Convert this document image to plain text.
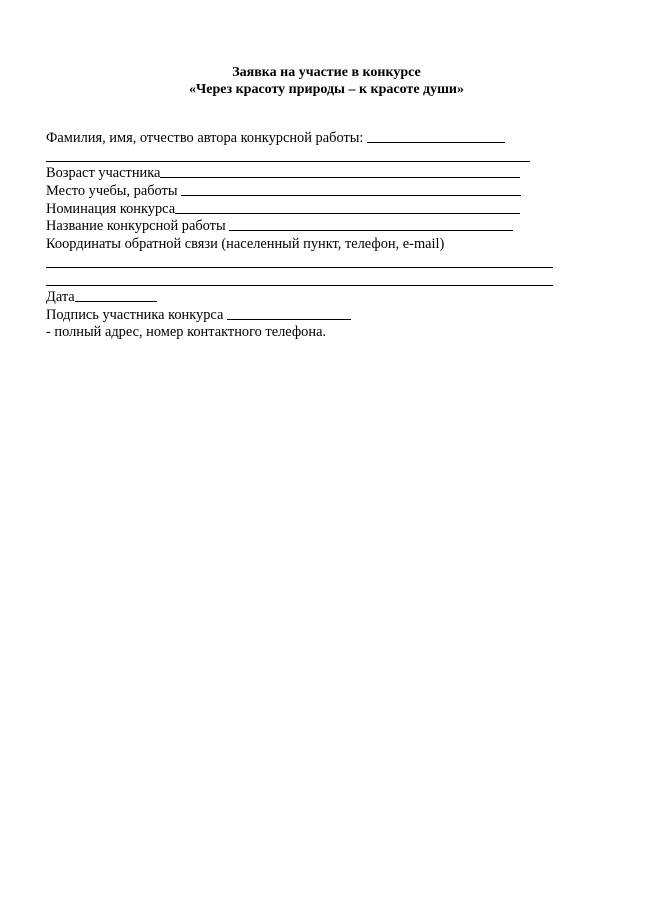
Заявка на участие в конкурсе
«Через красоту природы – к красоте души»
Фамилия, имя, отчество автора конкурсной работы:
Возраст участника
Место учебы, работы
Номинация конкурса
Название конкурсной работы
Координаты обратной связи (населенный пункт, телефон, e-mail)
Дата
Подпись участника конкурса
- полный адрес, номер контактного телефона.
